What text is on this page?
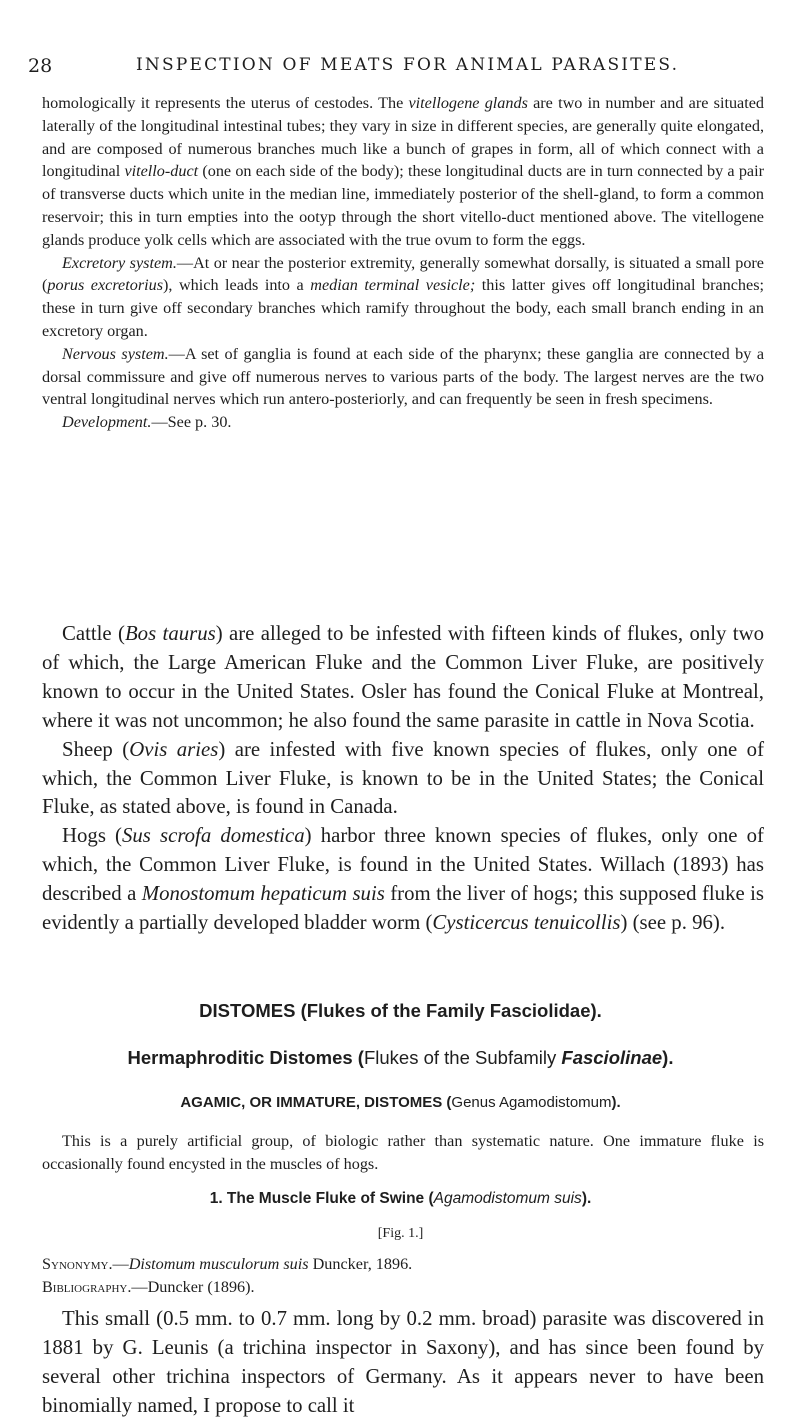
28	INSPECTION OF MEATS FOR ANIMAL PARASITES.

homologically it represents the uterus of cestodes. The vitellogene glands are two in number and are situated laterally of the longitudinal intestinal tubes; they vary in size in different species, are generally quite elongated, and are composed of numerous branches much like a bunch of grapes in form, all of which connect with a longitudinal vitello-duct (one on each side of the body); these longitudinal ducts are in turn connected by a pair of transverse ducts which unite in the median line, immediately posterior of the shell-gland, to form a common reservoir; this in turn empties into the ootyp through the short vitello-duct mentioned above. The vitellogene glands produce yolk cells which are associated with the true ovum to form the eggs.

Excretory system.—At or near the posterior extremity, generally somewhat dorsally, is situated a small pore (porus excretorius), which leads into a median terminal vesicle; this latter gives off longitudinal branches; these in turn give off secondary branches which ramify throughout the body, each small branch ending in an excretory organ.

Nervous system.—A set of ganglia is found at each side of the pharynx; these ganglia are connected by a dorsal commissure and give off numerous nerves to various parts of the body. The largest nerves are the two ventral longitudinal nerves which run antero-posteriorly, and can frequently be seen in fresh specimens.

Development.—See p. 30.

Cattle (Bos taurus) are alleged to be infested with fifteen kinds of flukes, only two of which, the Large American Fluke and the Common Liver Fluke, are positively known to occur in the United States. Osler has found the Conical Fluke at Montreal, where it was not uncommon; he also found the same parasite in cattle in Nova Scotia.

Sheep (Ovis aries) are infested with five known species of flukes, only one of which, the Common Liver Fluke, is known to be in the United States; the Conical Fluke, as stated above, is found in Canada.

Hogs (Sus scrofa domestica) harbor three known species of flukes, only one of which, the Common Liver Fluke, is found in the United States. Willach (1893) has described a Monostomum hepaticum suis from the liver of hogs; this supposed fluke is evidently a partially developed bladder worm (Cysticercus tenuicollis) (see p. 96).

DISTOMES (Flukes of the Family Fasciolidae).
Hermaphroditic Distomes (Flukes of the Subfamily Fasciolinae).
AGAMIC, OR IMMATURE, DISTOMES (Genus Agamodistomum).

This is a purely artificial group, of biologic rather than systematic nature. One immature fluke is occasionally found encysted in the muscles of hogs.

1. The Muscle Fluke of Swine (Agamodistomum suis).
[Fig. 1.]

Synonymy.—Distomum musculorum suis Duncker, 1896.

Bibliography.—Duncker (1896).

This small (0.5 mm. to 0.7 mm. long by 0.2 mm. broad) parasite was discovered in 1881 by G. Leunis (a trichina inspector in Saxony), and has since been found by several other trichina inspectors of Germany. As it appears never to have been binomially named, I propose to call it
